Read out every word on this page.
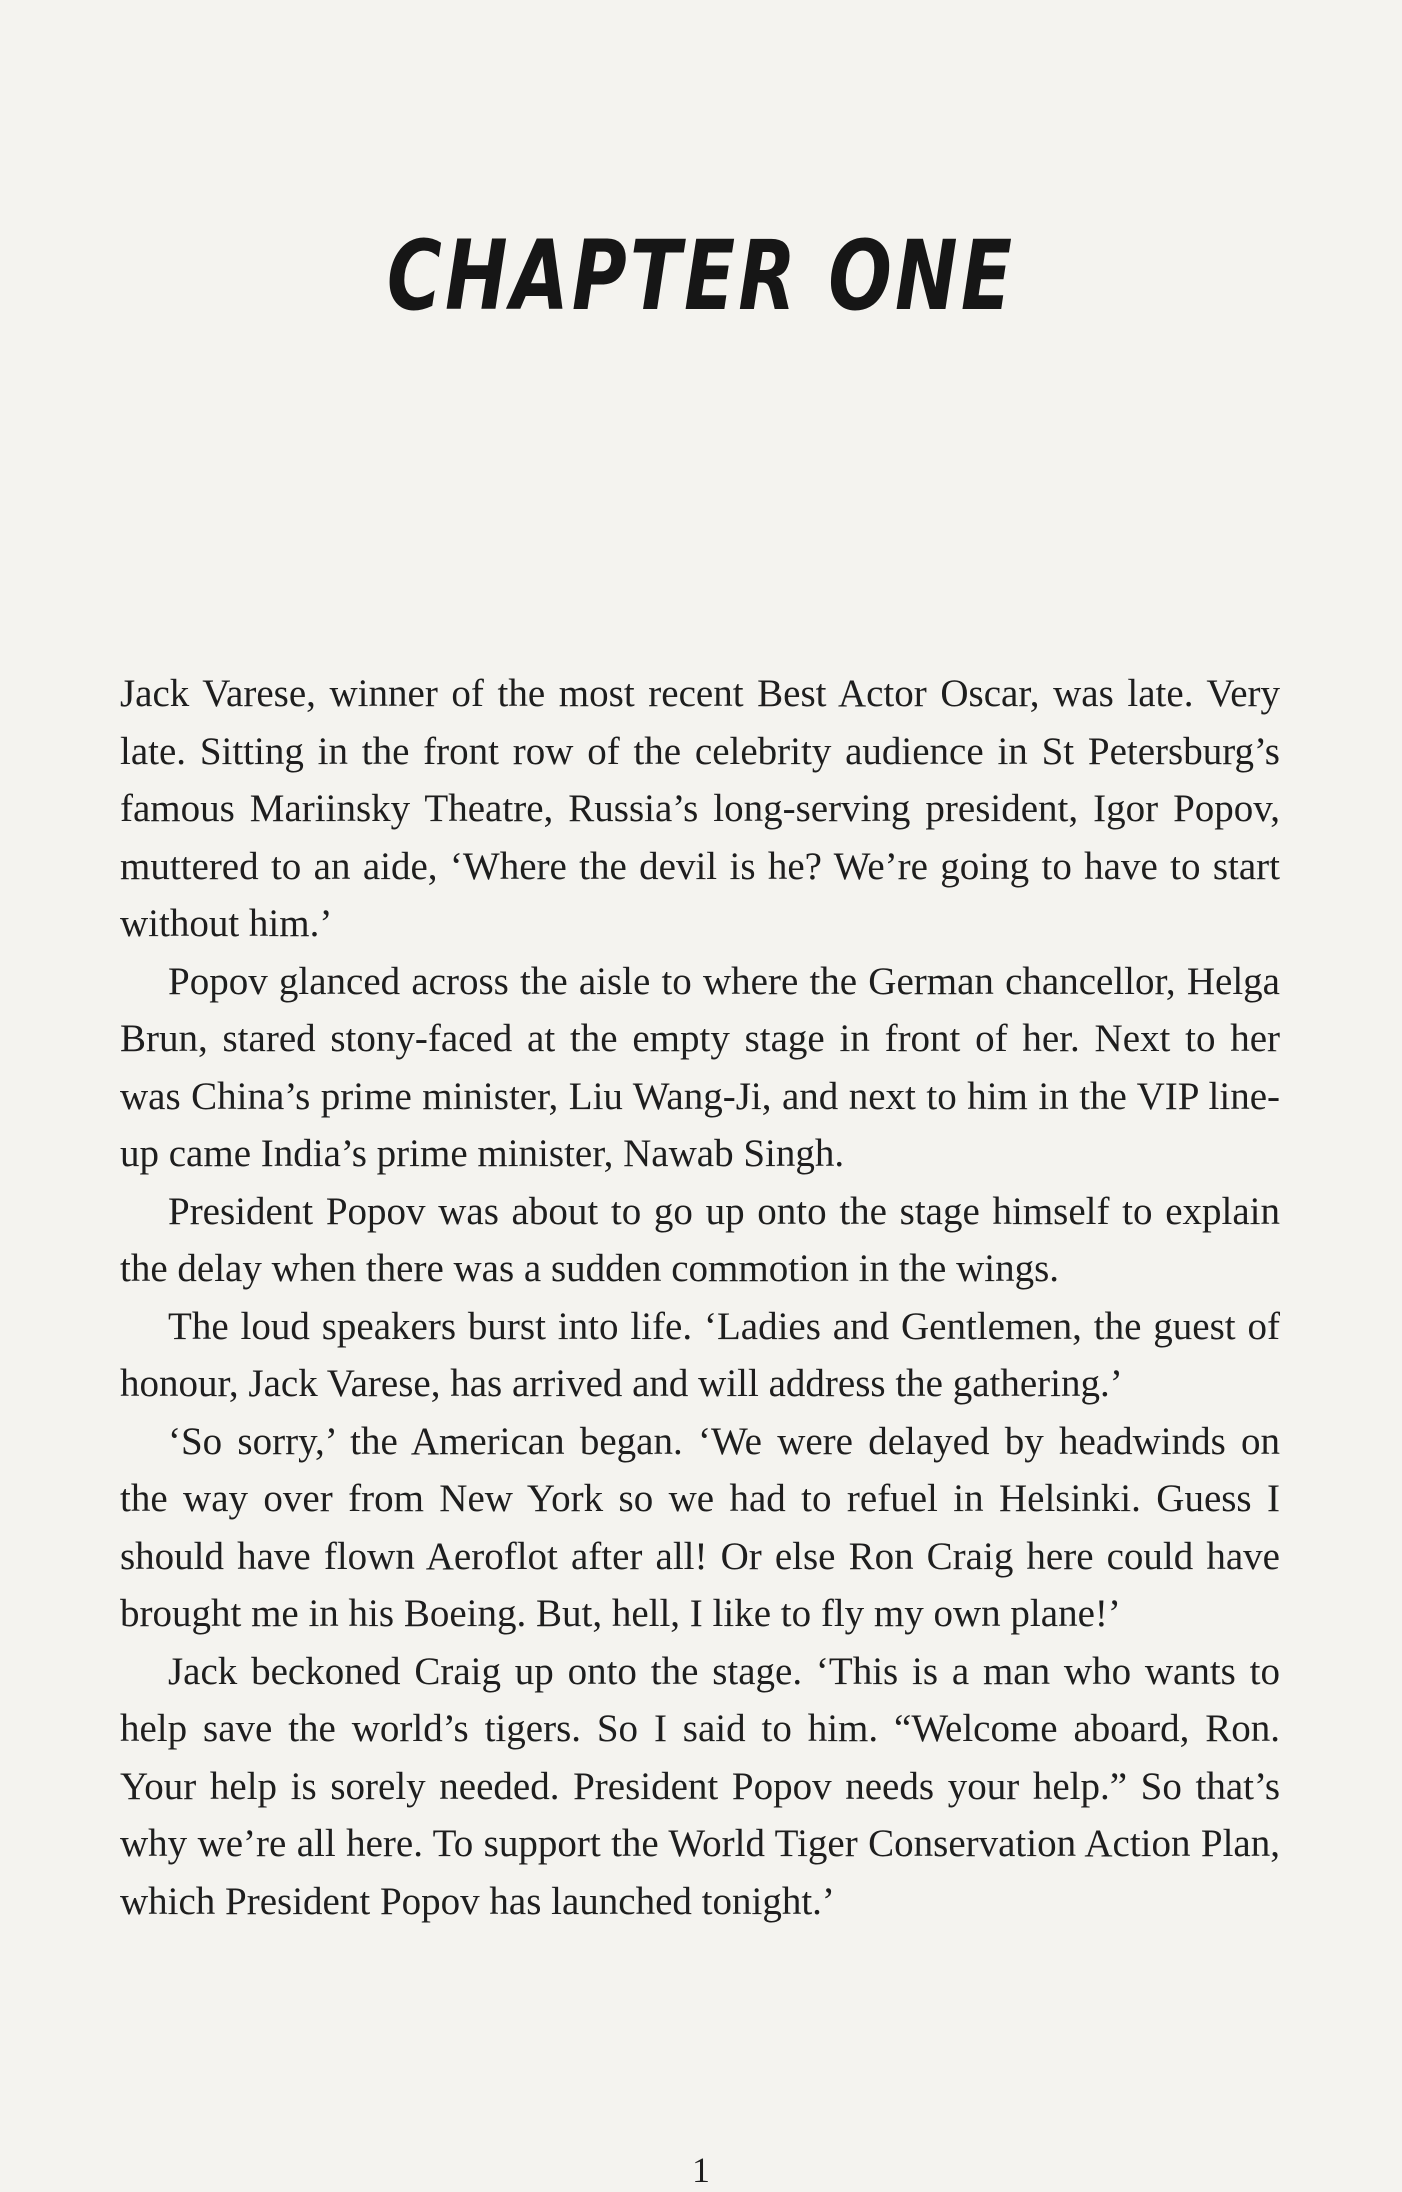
CHAPTER ONE

Jack Varese, winner of the most recent Best Actor Oscar, was late. Very late. Sitting in the front row of the celebrity audience in St Petersburg’s famous Mariinsky Theatre, Russia’s long-serving president, Igor Popov, muttered to an aide, ‘Where the devil is he? We’re going to have to start without him.’

Popov glanced across the aisle to where the German chancellor, Helga Brun, stared stony-faced at the empty stage in front of her. Next to her was China’s prime minister, Liu Wang-Ji, and next to him in the VIP line-up came India’s prime minister, Nawab Singh.

President Popov was about to go up onto the stage himself to explain the delay when there was a sudden commotion in the wings.

The loud speakers burst into life. ‘Ladies and Gentlemen, the guest of honour, Jack Varese, has arrived and will address the gathering.’

‘So sorry,’ the American began. ‘We were delayed by headwinds on the way over from New York so we had to refuel in Helsinki. Guess I should have flown Aeroflot after all! Or else Ron Craig here could have brought me in his Boeing. But, hell, I like to fly my own plane!’

Jack beckoned Craig up onto the stage. ‘This is a man who wants to help save the world’s tigers. So I said to him. “Welcome aboard, Ron. Your help is sorely needed. President Popov needs your help.” So that’s why we’re all here. To support the World Tiger Conservation Action Plan, which President Popov has launched tonight.’

1
